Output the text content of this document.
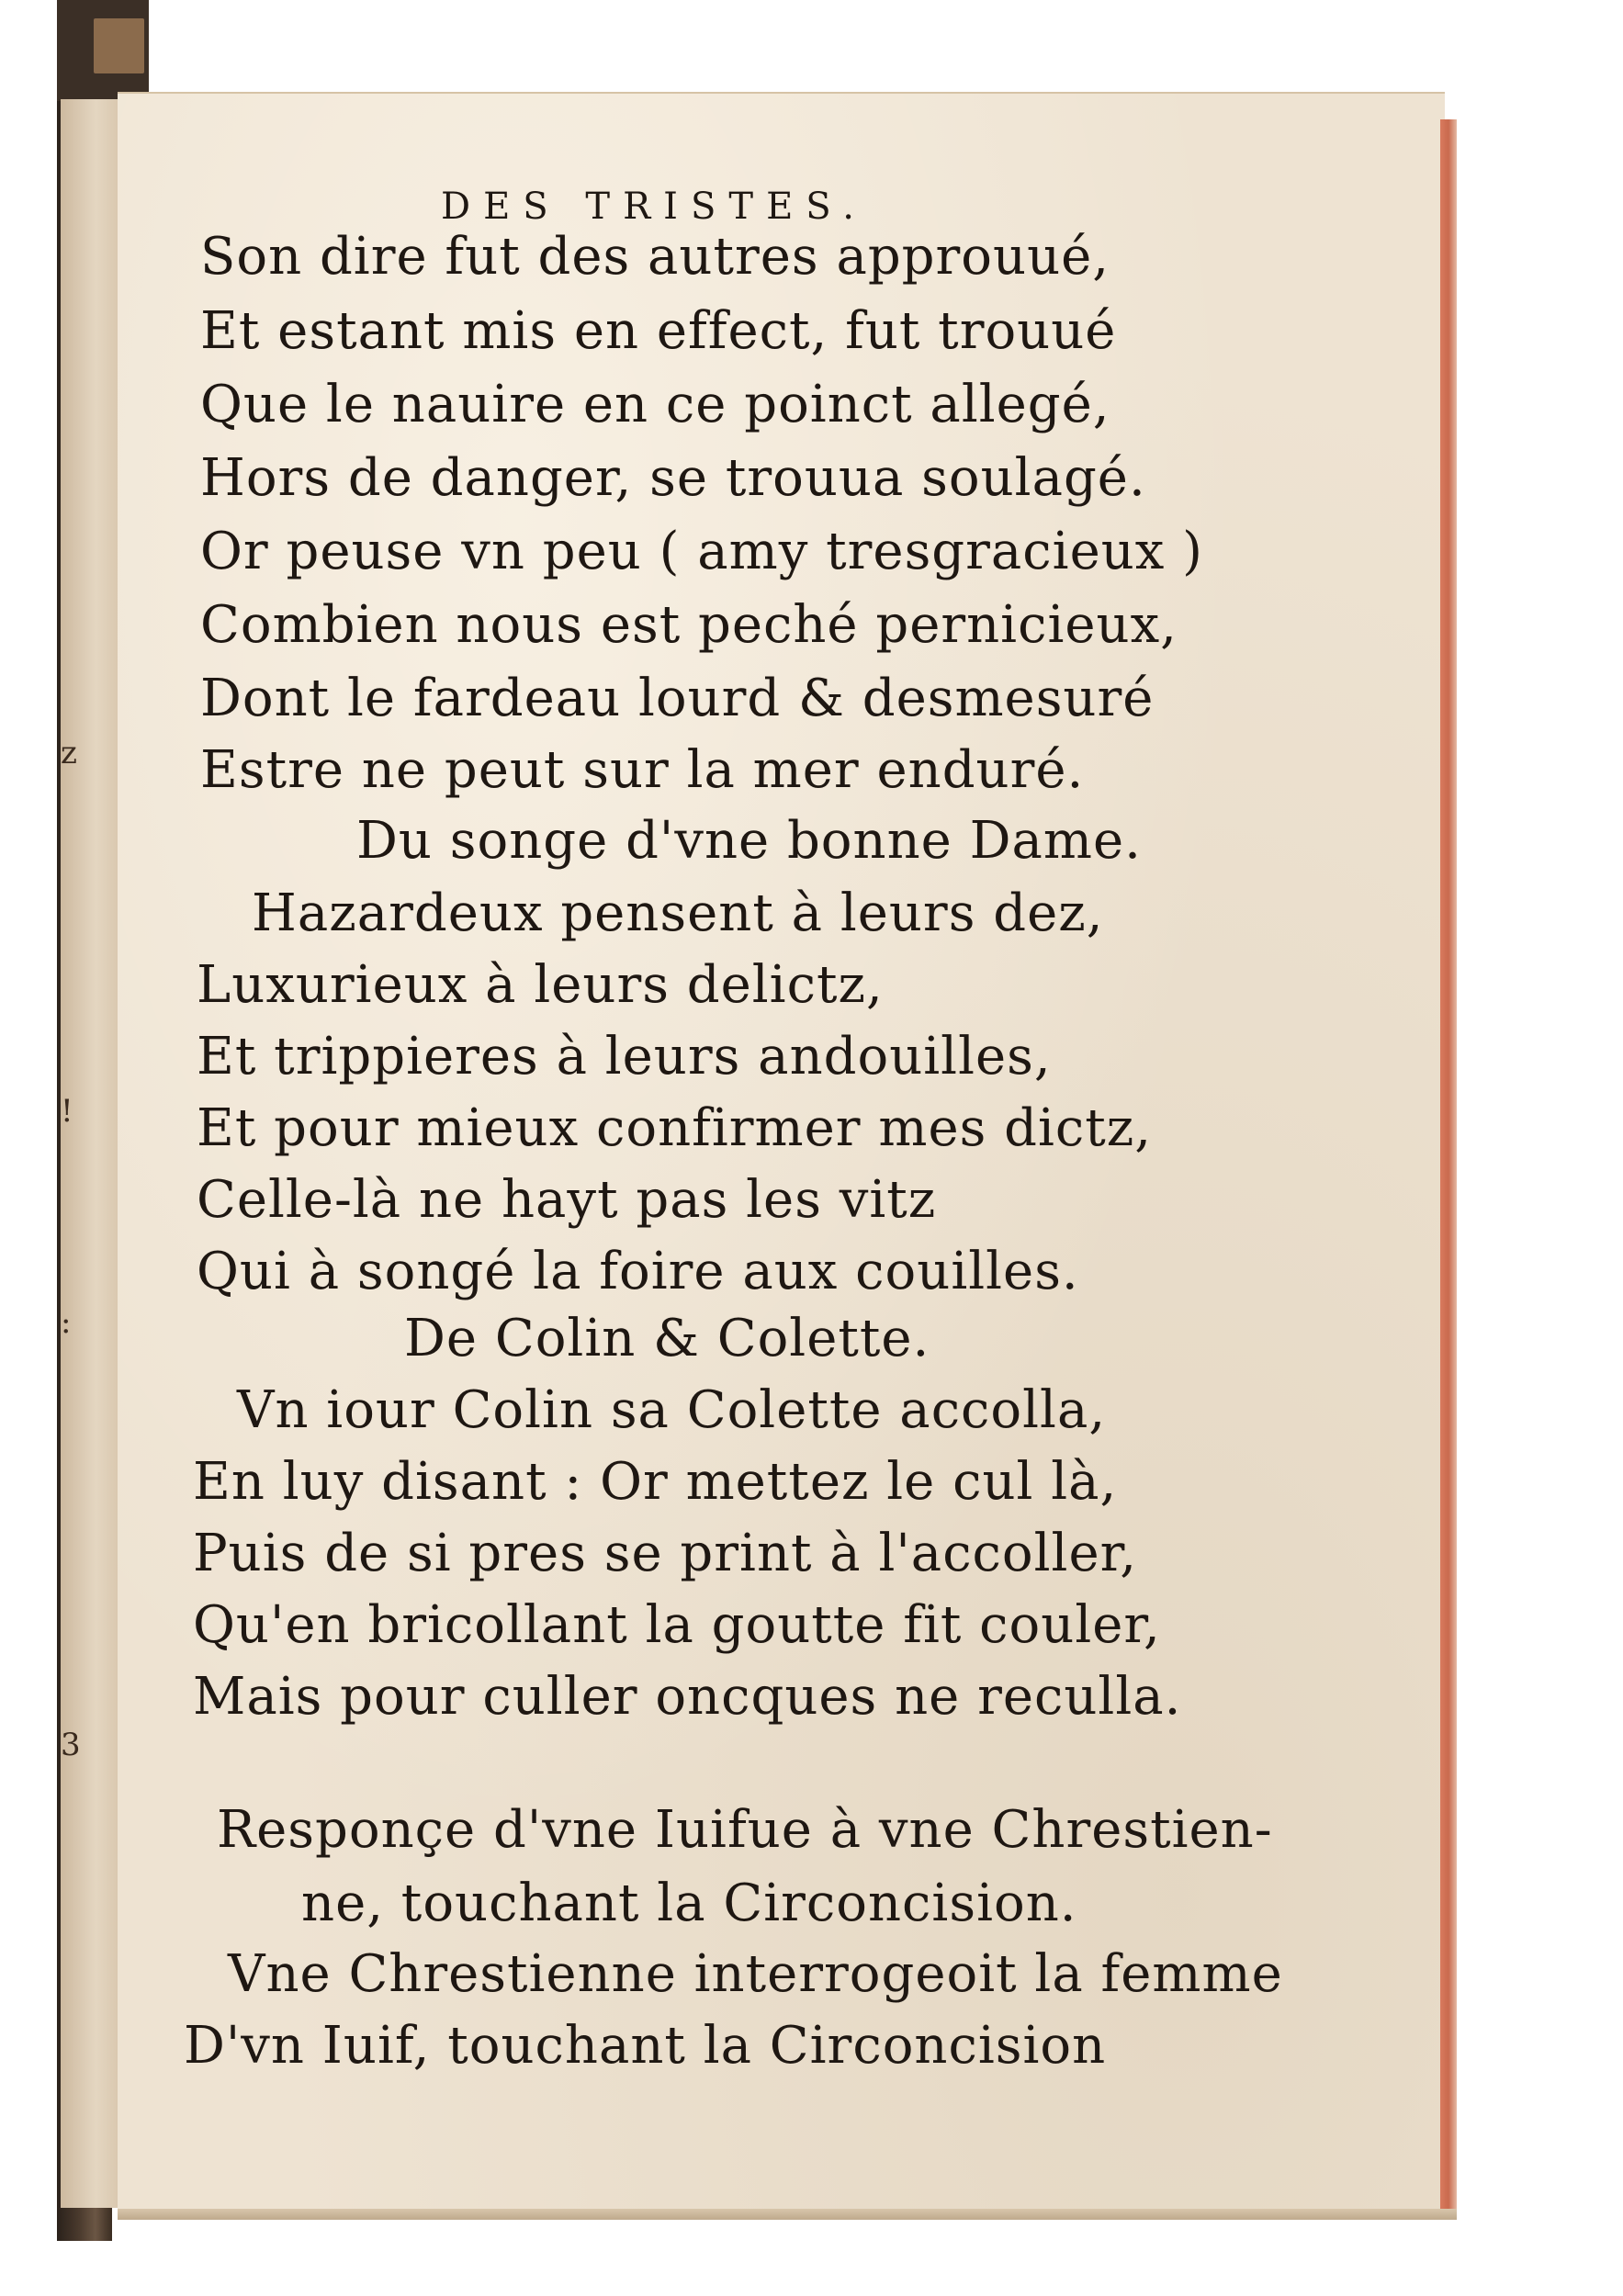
z
!
:
3
DES TRISTES.
Son dire fut des autres approuué,
Et estant mis en effect, fut trouué
Que le nauire en ce poinct allegé,
Hors de danger, se trouua soulagé.
Or peuse vn peu ( amy tresgracieux )
Combien nous est peché pernicieux,
Dont le fardeau lourd & desmesuré
Estre ne peut sur la mer enduré.
Du songe d'vne bonne Dame.
Hazardeux pensent à leurs dez,
Luxurieux à leurs delictz,
Et trippieres à leurs andouilles,
Et pour mieux confirmer mes dictz,
Celle-là ne hayt pas les vitz
Qui à songé la foire aux couilles.
De Colin & Colette.
Vn iour Colin sa Colette accolla,
En luy disant : Or mettez le cul là,
Puis de si pres se print à l'accoller,
Qu'en bricollant la goutte fit couler,
Mais pour culler oncques ne reculla.
Responçe d'vne Iuifue à vne Chrestien-
ne, touchant la Circoncision.
Vne Chrestienne interrogeoit la femme
D'vn Iuif, touchant la Circoncision
